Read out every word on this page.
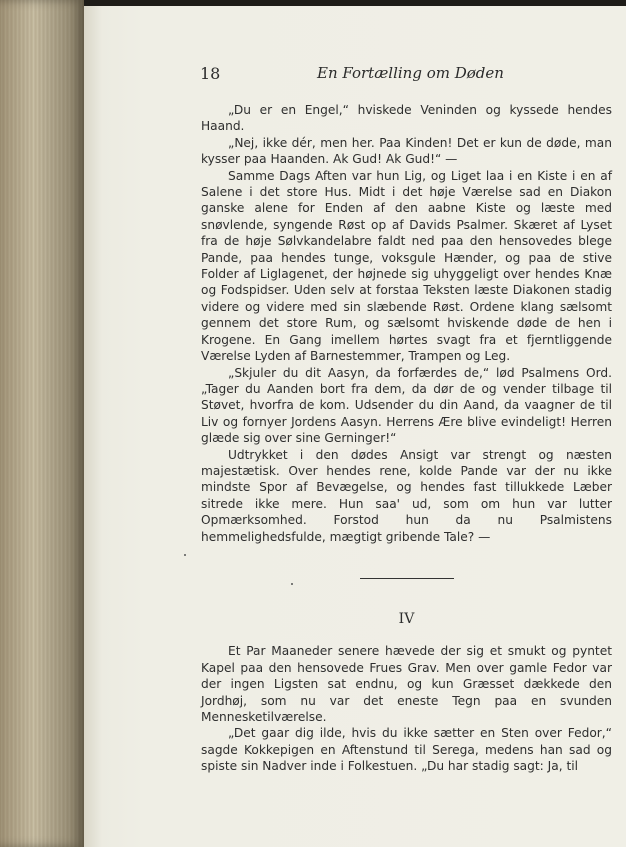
18	En Fortælling om Døden

„Du er en Engel,“ hviskede Veninden og kyssede hendes Haand.

„Nej, ikke dér, men her. Paa Kinden! Det er kun de døde, man kysser paa Haanden. Ak Gud! Ak Gud!“ —

Samme Dags Aften var hun Lig, og Liget laa i en Kiste i en af Salene i det store Hus. Midt i det høje Værelse sad en Diakon ganske alene for Enden af den aabne Kiste og læste med snøvlende, syngende Røst op af Davids Psalmer. Skæret af Lyset fra de høje Sølvkandelabre faldt ned paa den hensovedes blege Pande, paa hendes tunge, voksgule Hænder, og paa de stive Folder af Liglagenet, der højnede sig uhyggeligt over hendes Knæ og Fodspidser. Uden selv at forstaa Teksten læste Diakonen stadig videre og videre med sin slæbende Røst. Ordene klang sælsomt gennem det store Rum, og sælsomt hviskende døde de hen i Krogene. En Gang imellem hørtes svagt fra et fjerntliggende Værelse Lyden af Barnestemmer, Trampen og Leg.

„Skjuler du dit Aasyn, da forfærdes de,“ lød Psalmens Ord. „Tager du Aanden bort fra dem, da dør de og vender tilbage til Støvet, hvorfra de kom. Udsender du din Aand, da vaagner de til Liv og fornyer Jordens Aasyn. Herrens Ære blive evindeligt! Herren glæde sig over sine Gerninger!“

Udtrykket i den dødes Ansigt var strengt og næsten majestætisk. Over hendes rene, kolde Pande var der nu ikke mindste Spor af Bevægelse, og hendes fast tillukkede Læber sitrede ikke mere. Hun saa' ud, som om hun var lutter Opmærksomhed. Forstod hun da nu Psalmistens hemmelighedsfulde, mægtigt gribende Tale? —

IV

Et Par Maaneder senere hævede der sig et smukt og pyntet Kapel paa den hensovede Frues Grav. Men over gamle Fedor var der ingen Ligsten sat endnu, og kun Græsset dækkede den Jordhøj, som nu var det eneste Tegn paa en svunden Mennesketilværelse.

„Det gaar dig ilde, hvis du ikke sætter en Sten over Fedor,“ sagde Kokkepigen en Aftenstund til Serega, medens han sad og spiste sin Nadver inde i Folkestuen. „Du har stadig sagt: Ja, til
